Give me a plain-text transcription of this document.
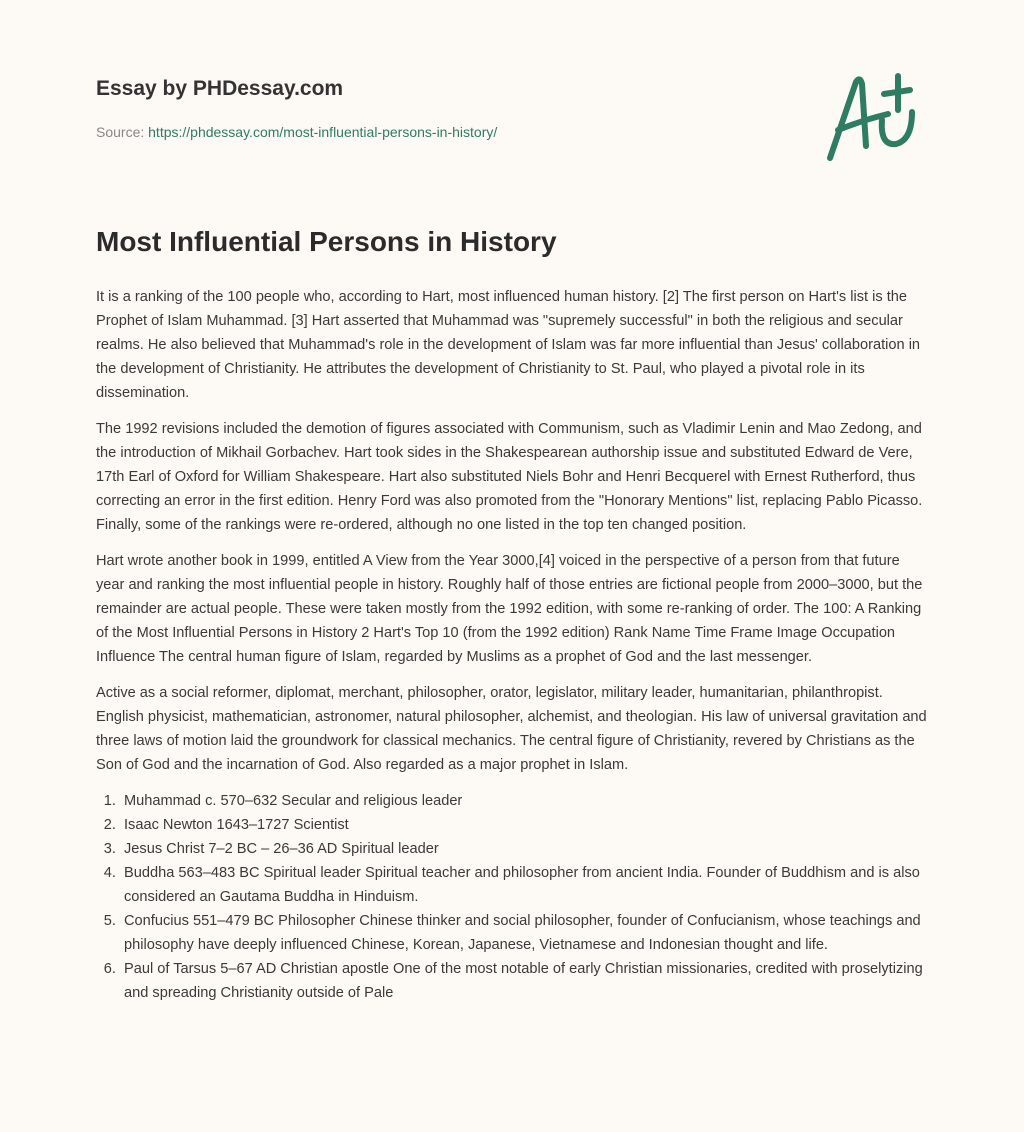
Essay by PHDessay.com
Source: https://phdessay.com/most-influential-persons-in-history/
Most Influential Persons in History

It is a ranking of the 100 people who, according to Hart, most influenced human history. [2] The first person on Hart's list is the Prophet of Islam Muhammad. [3] Hart asserted that Muhammad was "supremely successful" in both the religious and secular realms. He also believed that Muhammad's role in the development of Islam was far more influential than Jesus' collaboration in the development of Christianity. He attributes the development of Christianity to St. Paul, who played a pivotal role in its dissemination.

The 1992 revisions included the demotion of figures associated with Communism, such as Vladimir Lenin and Mao Zedong, and the introduction of Mikhail Gorbachev. Hart took sides in the Shakespearean authorship issue and substituted Edward de Vere, 17th Earl of Oxford for William Shakespeare. Hart also substituted Niels Bohr and Henri Becquerel with Ernest Rutherford, thus correcting an error in the first edition. Henry Ford was also promoted from the "Honorary Mentions" list, replacing Pablo Picasso. Finally, some of the rankings were re-ordered, although no one listed in the top ten changed position.

Hart wrote another book in 1999, entitled A View from the Year 3000,[4] voiced in the perspective of a person from that future year and ranking the most influential people in history. Roughly half of those entries are fictional people from 2000–3000, but the remainder are actual people. These were taken mostly from the 1992 edition, with some re-ranking of order. The 100: A Ranking of the Most Influential Persons in History 2 Hart's Top 10 (from the 1992 edition) Rank Name Time Frame Image Occupation Influence The central human figure of Islam, regarded by Muslims as a prophet of God and the last messenger.

Active as a social reformer, diplomat, merchant, philosopher, orator, legislator, military leader, humanitarian, philanthropist. English physicist, mathematician, astronomer, natural philosopher, alchemist, and theologian. His law of universal gravitation and three laws of motion laid the groundwork for classical mechanics. The central figure of Christianity, revered by Christians as the Son of God and the incarnation of God. Also regarded as a major prophet in Islam.

1. Muhammad c. 570–632 Secular and religious leader
2. Isaac Newton 1643–1727 Scientist
3. Jesus Christ 7–2 BC – 26–36 AD Spiritual leader
4. Buddha 563–483 BC Spiritual leader Spiritual teacher and philosopher from ancient India. Founder of Buddhism and is also considered an Gautama Buddha in Hinduism.
5. Confucius 551–479 BC Philosopher Chinese thinker and social philosopher, founder of Confucianism, whose teachings and philosophy have deeply influenced Chinese, Korean, Japanese, Vietnamese and Indonesian thought and life.
6. Paul of Tarsus 5–67 AD Christian apostle One of the most notable of early Christian missionaries, credited with proselytizing and spreading Christianity outside of Pale
